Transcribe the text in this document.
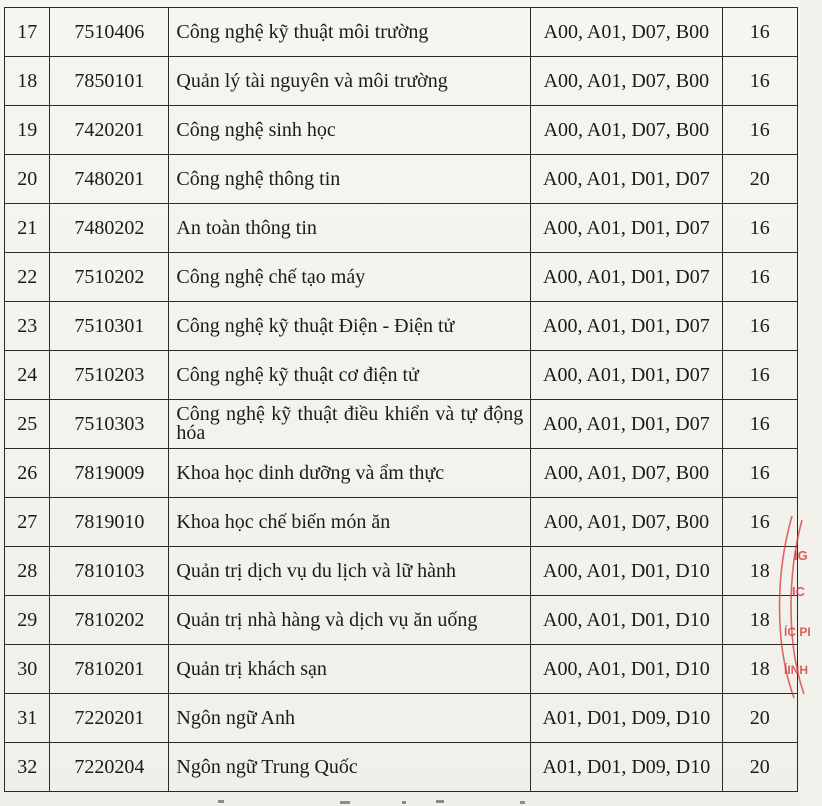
17	7510406	Công nghệ kỹ thuật môi trường	A00, A01, D07, B00	16
18	7850101	Quản lý tài nguyên và môi trường	A00, A01, D07, B00	16
19	7420201	Công nghệ sinh học	A00, A01, D07, B00	16
20	7480201	Công nghệ thông tin	A00, A01, D01, D07	20
21	7480202	An toàn thông tin	A00, A01, D01, D07	16
22	7510202	Công nghệ chế tạo máy	A00, A01, D01, D07	16
23	7510301	Công nghệ kỹ thuật Điện - Điện tử	A00, A01, D01, D07	16
24	7510203	Công nghệ kỹ thuật cơ điện tử	A00, A01, D01, D07	16
25	7510303	Công nghệ kỹ thuật điều khiển và tự động hóa	A00, A01, D01, D07	16
26	7819009	Khoa học dinh dưỡng và ẩm thực	A00, A01, D07, B00	16
27	7819010	Khoa học chế biến món ăn	A00, A01, D07, B00	16
28	7810103	Quản trị dịch vụ du lịch và lữ hành	A00, A01, D01, D10	18
29	7810202	Quản trị nhà hàng và dịch vụ ăn uống	A00, A01, D01, D10	18
30	7810201	Quản trị khách sạn	A00, A01, D01, D10	18
31	7220201	Ngôn ngữ Anh	A01, D01, D09, D10	20
32	7220204	Ngôn ngữ Trung Quốc	A01, D01, D09, D10	20
IG
IC
ÍC PI
ÍINH
